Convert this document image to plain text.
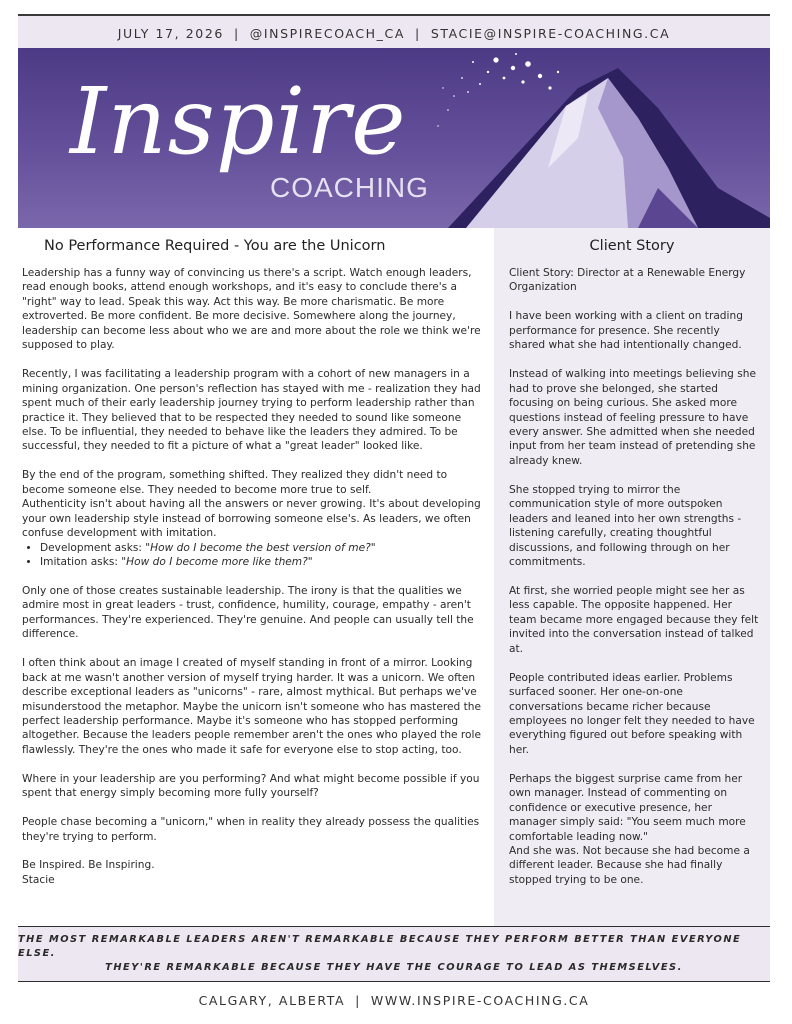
JULY 17, 2026 | @INSPIRECOACH_CA | STACIE@INSPIRE-COACHING.CA
Inspire
COACHING
No Performance Required - You are the Unicorn

Leadership has a funny way of convincing us there's a script. Watch enough leaders, read enough books, attend enough workshops, and it's easy to conclude there's a "right" way to lead. Speak this way. Act this way. Be more charismatic. Be more extroverted. Be more confident. Be more decisive. Somewhere along the journey, leadership can become less about who we are and more about the role we think we're supposed to play.

Recently, I was facilitating a leadership program with a cohort of new managers in a mining organization. One person's reflection has stayed with me - realization they had spent much of their early leadership journey trying to perform leadership rather than practice it. They believed that to be respected they needed to sound like someone else. To be influential, they needed to behave like the leaders they admired. To be successful, they needed to fit a picture of what a "great leader" looked like.

By the end of the program, something shifted. They realized they didn't need to become someone else. They needed to become more true to self.
Authenticity isn't about having all the answers or never growing. It's about developing your own leadership style instead of borrowing someone else's. As leaders, we often confuse development with imitation.
• Development asks: "How do I become the best version of me?"
• Imitation asks: "How do I become more like them?"

Only one of those creates sustainable leadership. The irony is that the qualities we admire most in great leaders - trust, confidence, humility, courage, empathy - aren't performances. They're experienced. They're genuine. And people can usually tell the difference.

I often think about an image I created of myself standing in front of a mirror. Looking back at me wasn't another version of myself trying harder. It was a unicorn. We often describe exceptional leaders as "unicorns" - rare, almost mythical. But perhaps we've misunderstood the metaphor. Maybe the unicorn isn't someone who has mastered the perfect leadership performance. Maybe it's someone who has stopped performing altogether. Because the leaders people remember aren't the ones who played the role flawlessly. They're the ones who made it safe for everyone else to stop acting, too.

Where in your leadership are you performing? And what might become possible if you spent that energy simply becoming more fully yourself?

People chase becoming a "unicorn," when in reality they already possess the qualities they're trying to perform.

Be Inspired. Be Inspiring.
Stacie
Client Story

Client Story: Director at a Renewable Energy Organization

I have been working with a client on trading performance for presence. She recently shared what she had intentionally changed.

Instead of walking into meetings believing she had to prove she belonged, she started focusing on being curious. She asked more questions instead of feeling pressure to have every answer. She admitted when she needed input from her team instead of pretending she already knew.

She stopped trying to mirror the communication style of more outspoken leaders and leaned into her own strengths - listening carefully, creating thoughtful discussions, and following through on her commitments.

At first, she worried people might see her as less capable. The opposite happened. Her team became more engaged because they felt invited into the conversation instead of talked at.

People contributed ideas earlier. Problems surfaced sooner. Her one-on-one conversations became richer because employees no longer felt they needed to have everything figured out before speaking with her.

Perhaps the biggest surprise came from her own manager. Instead of commenting on confidence or executive presence, her manager simply said: "You seem much more comfortable leading now."
And she was. Not because she had become a different leader. Because she had finally stopped trying to be one.
THE MOST REMARKABLE LEADERS AREN'T REMARKABLE BECAUSE THEY PERFORM BETTER THAN EVERYONE ELSE.
THEY'RE REMARKABLE BECAUSE THEY HAVE THE COURAGE TO LEAD AS THEMSELVES.
CALGARY, ALBERTA | WWW.INSPIRE-COACHING.CA
